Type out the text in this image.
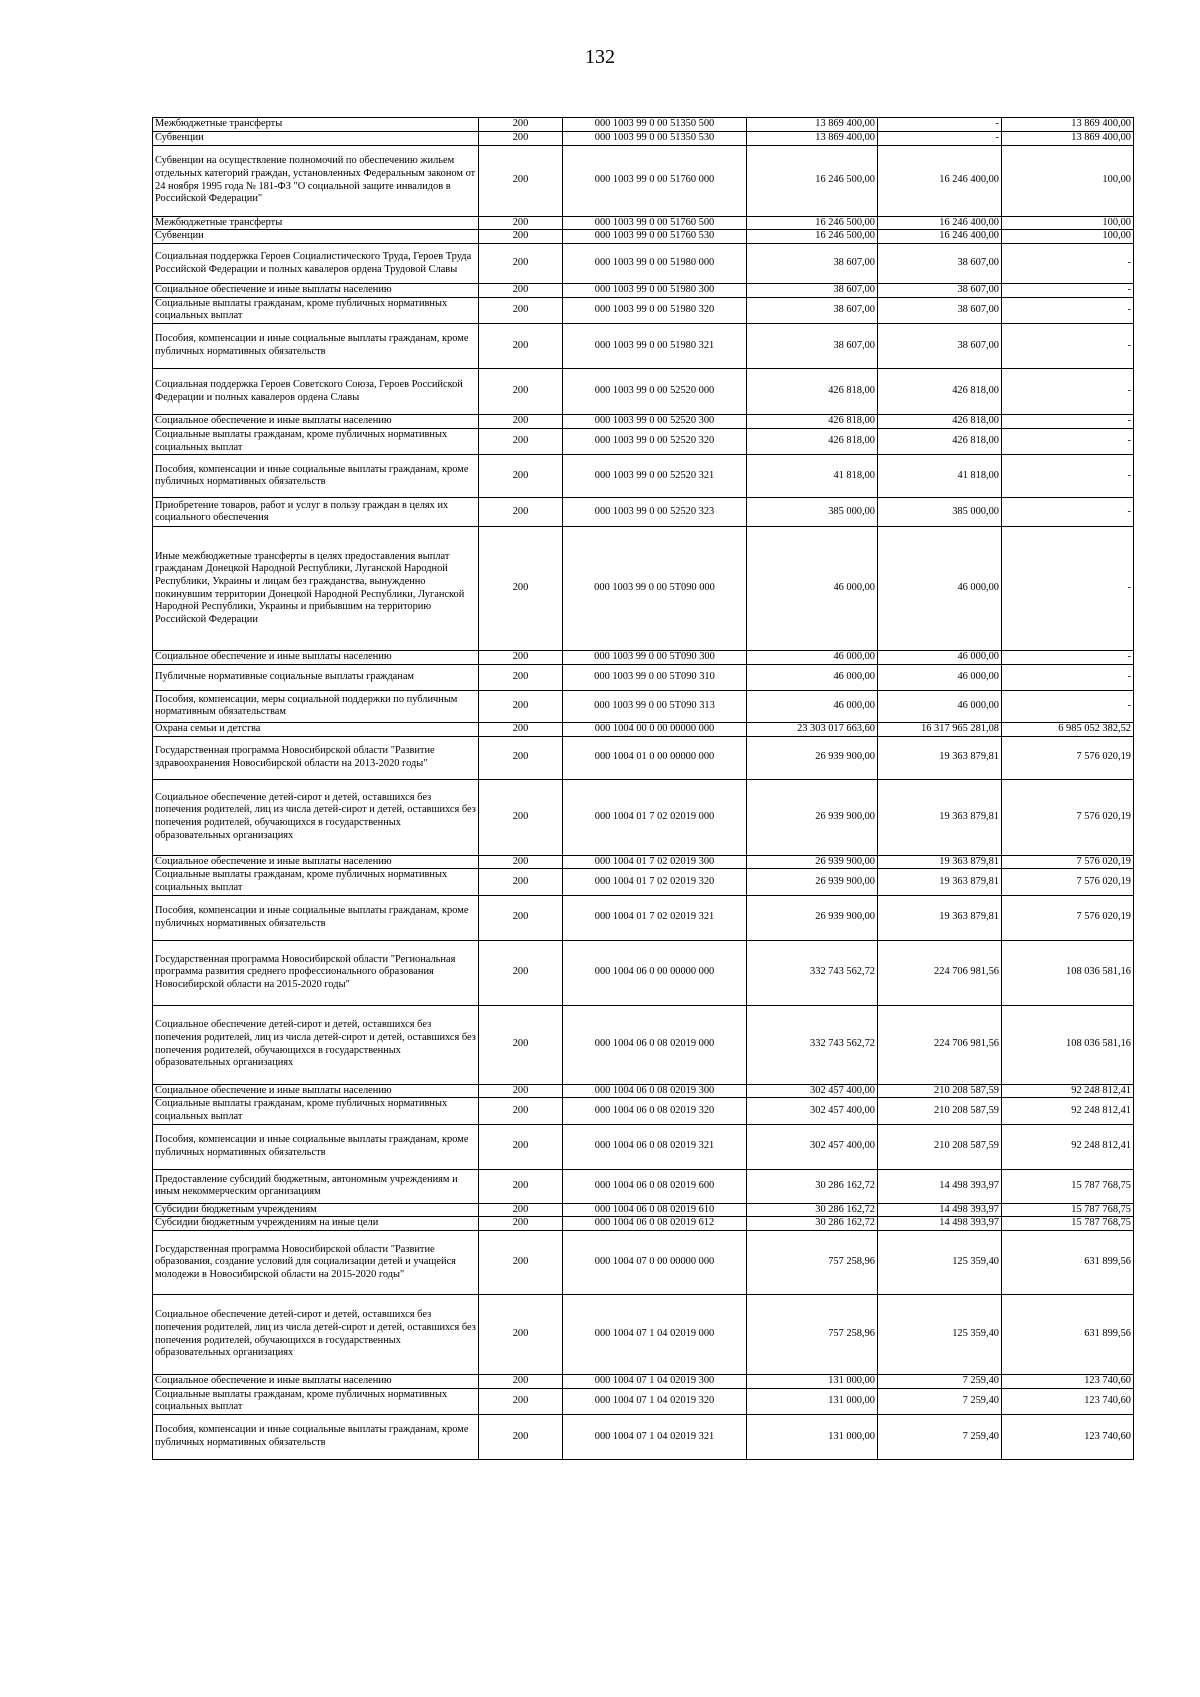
132
Межбюджетные трансферты	200	000 1003 99 0 00 51350 500	13 869 400,00	-	13 869 400,00
Субвенции	200	000 1003 99 0 00 51350 530	13 869 400,00	-	13 869 400,00
Субвенции на осуществление полномочий по обеспечению жильем отдельных категорий граждан, установленных Федеральным законом от 24 ноября 1995 года № 181-ФЗ "О социальной защите инвалидов в Российской Федерации"	200	000 1003 99 0 00 51760 000	16 246 500,00	16 246 400,00	100,00
Межбюджетные трансферты	200	000 1003 99 0 00 51760 500	16 246 500,00	16 246 400,00	100,00
Субвенции	200	000 1003 99 0 00 51760 530	16 246 500,00	16 246 400,00	100,00
Социальная поддержка Героев Социалистического Труда, Героев Труда Российской Федерации и полных кавалеров ордена Трудовой Славы	200	000 1003 99 0 00 51980 000	38 607,00	38 607,00	-
Социальное обеспечение и иные выплаты населению	200	000 1003 99 0 00 51980 300	38 607,00	38 607,00	-
Социальные выплаты гражданам, кроме публичных нормативных социальных выплат	200	000 1003 99 0 00 51980 320	38 607,00	38 607,00	-
Пособия, компенсации и иные социальные выплаты гражданам, кроме публичных нормативных обязательств	200	000 1003 99 0 00 51980 321	38 607,00	38 607,00	-
Социальная поддержка Героев Советского Союза, Героев Российской Федерации и полных кавалеров ордена Славы	200	000 1003 99 0 00 52520 000	426 818,00	426 818,00	-
Социальное обеспечение и иные выплаты населению	200	000 1003 99 0 00 52520 300	426 818,00	426 818,00	-
Социальные выплаты гражданам, кроме публичных нормативных социальных выплат	200	000 1003 99 0 00 52520 320	426 818,00	426 818,00	-
Пособия, компенсации и иные социальные выплаты гражданам, кроме публичных нормативных обязательств	200	000 1003 99 0 00 52520 321	41 818,00	41 818,00	-
Приобретение товаров, работ и услуг в пользу граждан в целях их социального обеспечения	200	000 1003 99 0 00 52520 323	385 000,00	385 000,00	-
Иные межбюджетные трансферты в целях предоставления выплат гражданам Донецкой Народной Республики, Луганской Народной Республики, Украины и лицам без гражданства, вынужденно покинувшим территории Донецкой Народной Республики, Луганской Народной Республики, Украины и прибывшим на территорию Российской Федерации	200	000 1003 99 0 00 5Т090 000	46 000,00	46 000,00	-
Социальное обеспечение и иные выплаты населению	200	000 1003 99 0 00 5Т090 300	46 000,00	46 000,00	-
Публичные нормативные социальные выплаты гражданам	200	000 1003 99 0 00 5Т090 310	46 000,00	46 000,00	-
Пособия, компенсации, меры социальной поддержки по публичным нормативным обязательствам	200	000 1003 99 0 00 5Т090 313	46 000,00	46 000,00	-
Охрана семьи и детства	200	000 1004 00 0 00 00000 000	23 303 017 663,60	16 317 965 281,08	6 985 052 382,52
Государственная программа Новосибирской области "Развитие здравоохранения Новосибирской области на 2013-2020 годы"	200	000 1004 01 0 00 00000 000	26 939 900,00	19 363 879,81	7 576 020,19
Социальное обеспечение детей-сирот и детей, оставшихся без попечения родителей, лиц из числа детей-сирот и детей, оставшихся без попечения родителей, обучающихся в государственных образовательных организациях	200	000 1004 01 7 02 02019 000	26 939 900,00	19 363 879,81	7 576 020,19
Социальное обеспечение и иные выплаты населению	200	000 1004 01 7 02 02019 300	26 939 900,00	19 363 879,81	7 576 020,19
Социальные выплаты гражданам, кроме публичных нормативных социальных выплат	200	000 1004 01 7 02 02019 320	26 939 900,00	19 363 879,81	7 576 020,19
Пособия, компенсации и иные социальные выплаты гражданам, кроме публичных нормативных обязательств	200	000 1004 01 7 02 02019 321	26 939 900,00	19 363 879,81	7 576 020,19
Государственная программа Новосибирской области "Региональная программа развития среднего профессионального образования Новосибирской области на 2015-2020 годы"	200	000 1004 06 0 00 00000 000	332 743 562,72	224 706 981,56	108 036 581,16
Социальное обеспечение детей-сирот и детей, оставшихся без попечения родителей, лиц из числа детей-сирот и детей, оставшихся без попечения родителей, обучающихся в государственных образовательных организациях	200	000 1004 06 0 08 02019 000	332 743 562,72	224 706 981,56	108 036 581,16
Социальное обеспечение и иные выплаты населению	200	000 1004 06 0 08 02019 300	302 457 400,00	210 208 587,59	92 248 812,41
Социальные выплаты гражданам, кроме публичных нормативных социальных выплат	200	000 1004 06 0 08 02019 320	302 457 400,00	210 208 587,59	92 248 812,41
Пособия, компенсации и иные социальные выплаты гражданам, кроме публичных нормативных обязательств	200	000 1004 06 0 08 02019 321	302 457 400,00	210 208 587,59	92 248 812,41
Предоставление субсидий бюджетным, автономным учреждениям и иным некоммерческим организациям	200	000 1004 06 0 08 02019 600	30 286 162,72	14 498 393,97	15 787 768,75
Субсидии бюджетным учреждениям	200	000 1004 06 0 08 02019 610	30 286 162,72	14 498 393,97	15 787 768,75
Субсидии бюджетным учреждениям на иные цели	200	000 1004 06 0 08 02019 612	30 286 162,72	14 498 393,97	15 787 768,75
Государственная программа Новосибирской области "Развитие образования, создание условий для социализации детей и учащейся молодежи в Новосибирской области на 2015-2020 годы"	200	000 1004 07 0 00 00000 000	757 258,96	125 359,40	631 899,56
Социальное обеспечение детей-сирот и детей, оставшихся без попечения родителей, лиц из числа детей-сирот и детей, оставшихся без попечения родителей, обучающихся в государственных образовательных организациях	200	000 1004 07 1 04 02019 000	757 258,96	125 359,40	631 899,56
Социальное обеспечение и иные выплаты населению	200	000 1004 07 1 04 02019 300	131 000,00	7 259,40	123 740,60
Социальные выплаты гражданам, кроме публичных нормативных социальных выплат	200	000 1004 07 1 04 02019 320	131 000,00	7 259,40	123 740,60
Пособия, компенсации и иные социальные выплаты гражданам, кроме публичных нормативных обязательств	200	000 1004 07 1 04 02019 321	131 000,00	7 259,40	123 740,60
